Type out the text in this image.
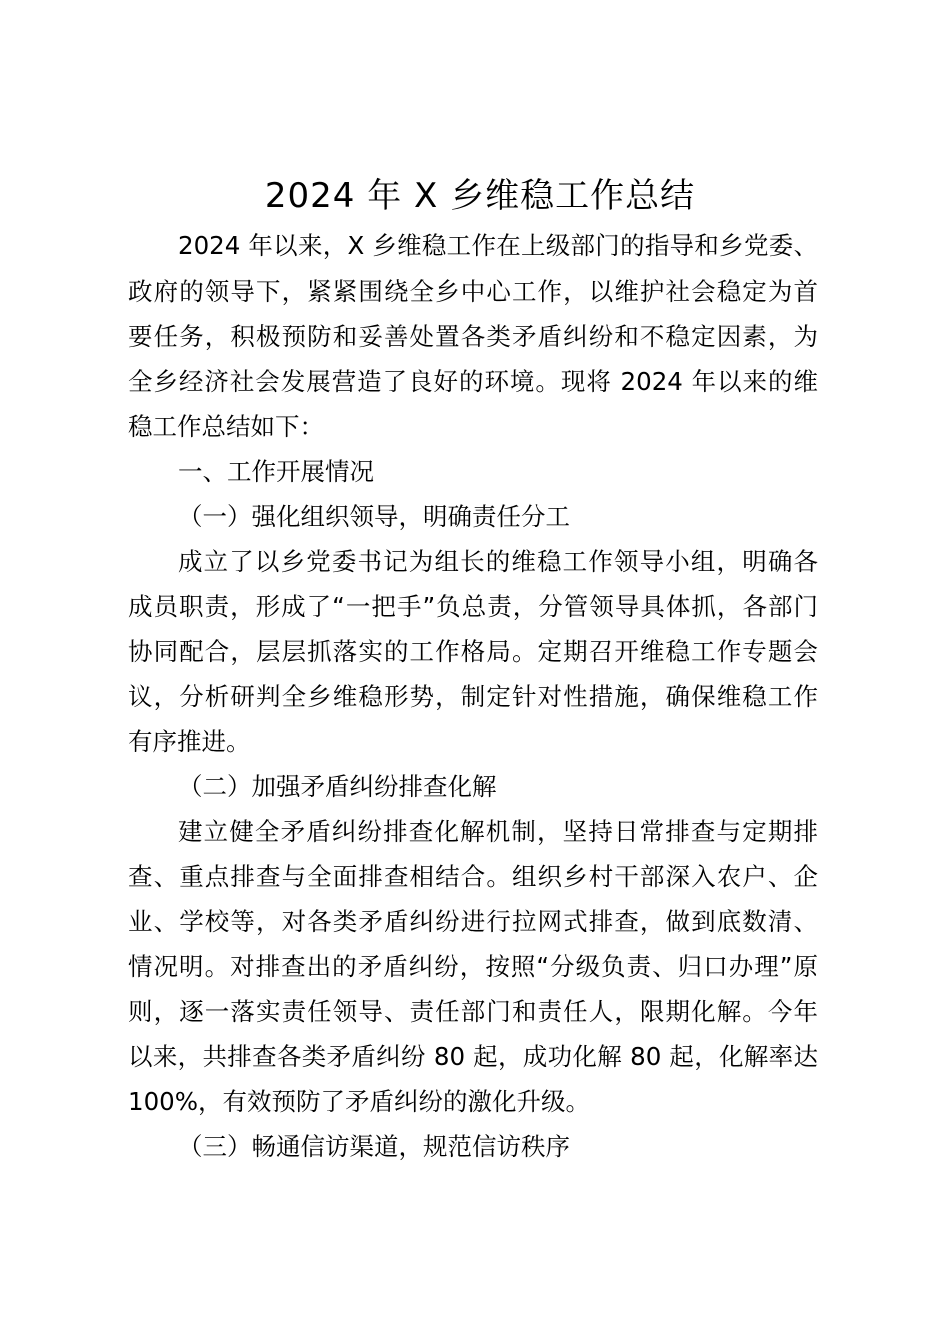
2024 年 X 乡维稳工作总结
2024 年以来，X 乡维稳工作在上级部门的指导和乡党委、
政府的领导下，紧紧围绕全乡中心工作，以维护社会稳定为首
要任务，积极预防和妥善处置各类矛盾纠纷和不稳定因素，为
全乡经济社会发展营造了良好的环境。现将 2024 年以来的维
稳工作总结如下：
一、工作开展情况
（一）强化组织领导，明确责任分工
成立了以乡党委书记为组长的维稳工作领导小组，明确各
成员职责，形成了“一把手”负总责，分管领导具体抓，各部门
协同配合，层层抓落实的工作格局。定期召开维稳工作专题会
议，分析研判全乡维稳形势，制定针对性措施，确保维稳工作
有序推进。
（二）加强矛盾纠纷排查化解
建立健全矛盾纠纷排查化解机制，坚持日常排查与定期排
查、重点排查与全面排查相结合。组织乡村干部深入农户、企
业、学校等，对各类矛盾纠纷进行拉网式排查，做到底数清、
情况明。对排查出的矛盾纠纷，按照“分级负责、归口办理”原
则，逐一落实责任领导、责任部门和责任人，限期化解。今年
以来，共排查各类矛盾纠纷 80 起，成功化解 80 起，化解率达
100%，有效预防了矛盾纠纷的激化升级。
（三）畅通信访渠道，规范信访秩序
